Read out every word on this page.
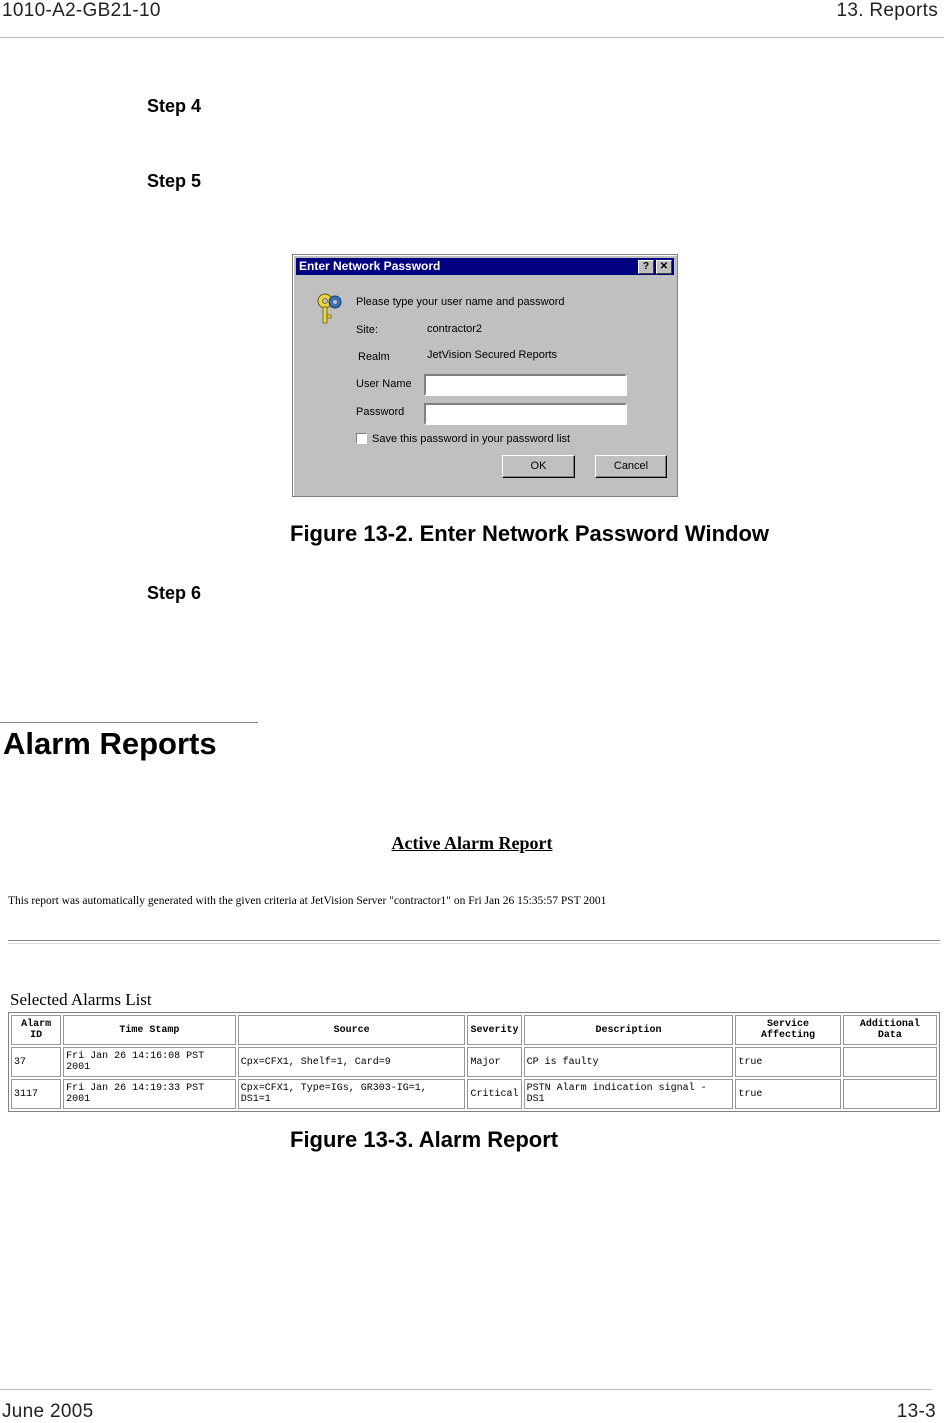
1010-A2-GB21-10	13. Reports
Step 4
Step 5
Enter Network Password	?	✕
Please type your user name and password
Site:	contractor2
Realm	JetVision Secured Reports
User Name
Password
Save this password in your password list
OK	Cancel
Figure 13-2. Enter Network Password Window
Step 6
Alarm Reports
Active Alarm Report
This report was automatically generated with the given criteria at JetVision Server "contractor1" on Fri Jan 26 15:35:57 PST 2001
Selected Alarms List
Alarm ID	Time Stamp	Source	Severity	Description	Service Affecting	Additional Data
37	Fri Jan 26 14:16:08 PST 2001	Cpx=CFX1, Shelf=1, Card=9	Major	CP is faulty	true	
3117	Fri Jan 26 14:19:33 PST 2001	Cpx=CFX1, Type=IGs, GR303-IG=1, DS1=1	Critical	PSTN Alarm indication signal - DS1	true	
Figure 13-3. Alarm Report
June 2005	13-3
